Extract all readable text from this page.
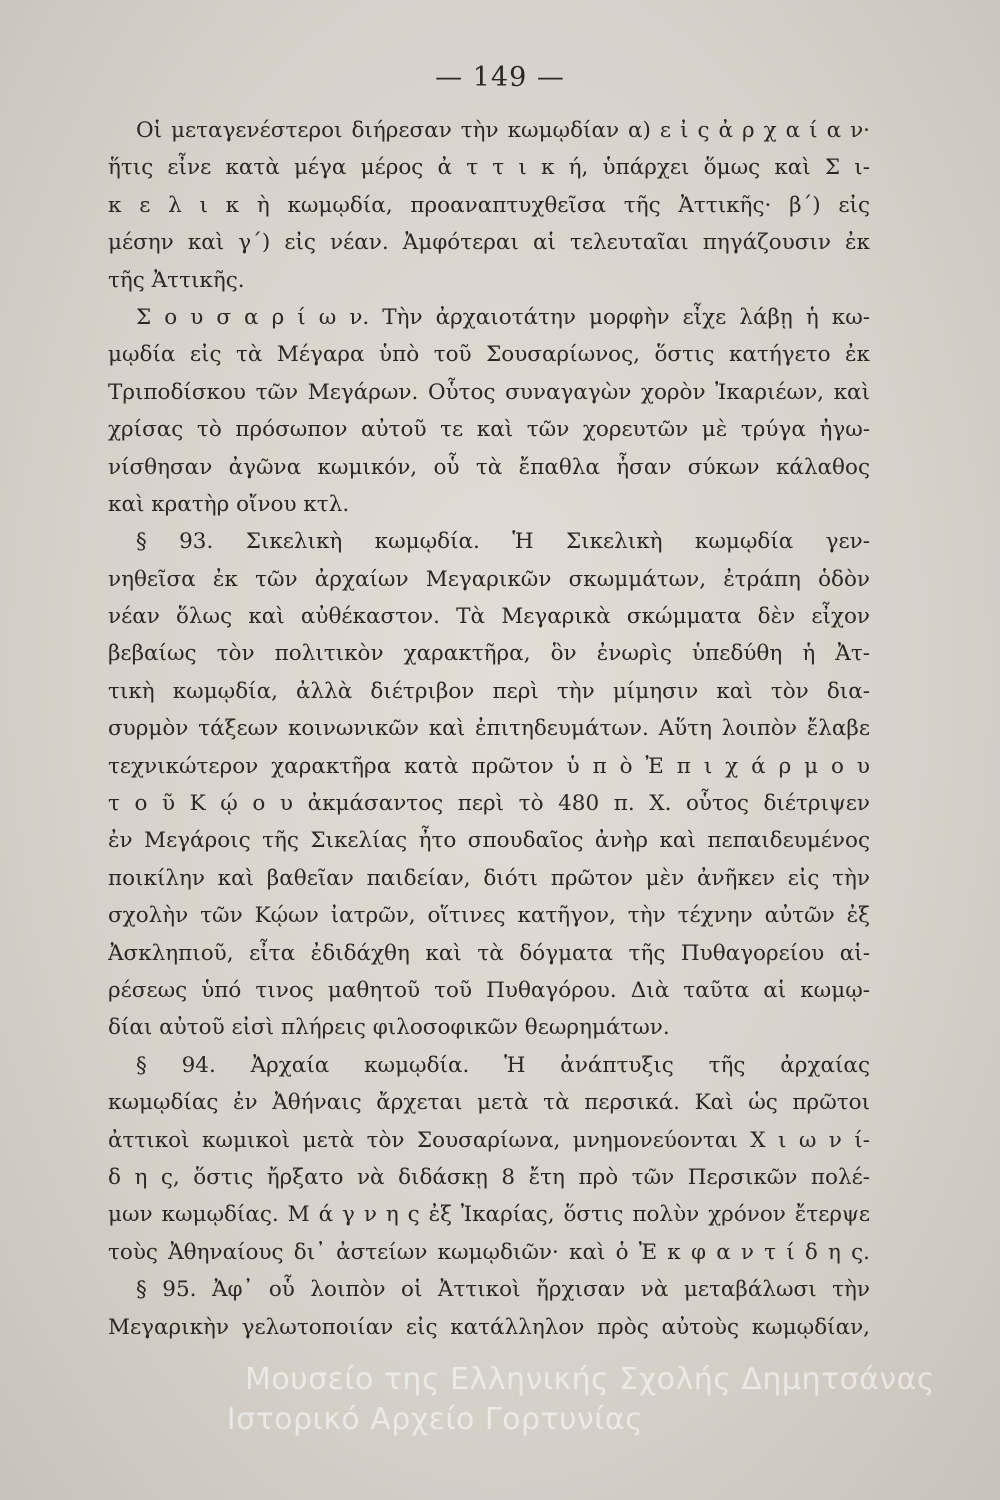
— 149 —
Οἱ μεταγενέστεροι διήρεσαν τὴν κωμῳδίαν α) ε ἰ ς ἀ ρ χ α ί α ν·
ἥτις εἶνε κατὰ μέγα μέρος ἀ τ τ ι κ ή, ὑπάρχει ὅμως καὶ Σ ι-
κ ε λ ι κ ὴ κωμῳδία, προαναπτυχθεῖσα τῆς Ἀττικῆς· β΄) εἰς
μέσην καὶ γ΄) εἰς νέαν. Ἀμφότεραι αἱ τελευταῖαι πηγάζουσιν ἐκ
τῆς Ἀττικῆς.
Σ ο υ σ α ρ ί ω ν. Τὴν ἀρχαιοτάτην μορφὴν εἶχε λάβῃ ἡ κω-
μῳδία εἰς τὰ Μέγαρα ὑπὸ τοῦ Σουσαρίωνος, ὅστις κατήγετο ἐκ
Τριποδίσκου τῶν Μεγάρων. Οὗτος συναγαγὼν χορὸν Ἰκαριέων, καὶ
χρίσας τὸ πρόσωπον αὐτοῦ τε καὶ τῶν χορευτῶν μὲ τρύγα ἠγω-
νίσθησαν ἀγῶνα κωμικόν, οὗ τὰ ἔπαθλα ἦσαν σύκων κάλαθος
καὶ κρατὴρ οἴνου κτλ.
§ 93. Σικελικὴ κωμῳδία. Ἡ Σικελικὴ κωμῳδία γεν-
νηθεῖσα ἐκ τῶν ἀρχαίων Μεγαρικῶν σκωμμάτων, ἐτράπη ὁδὸν
νέαν ὅλως καὶ αὐθέκαστον. Τὰ Μεγαρικὰ σκώμματα δὲν εἶχον
βεβαίως τὸν πολιτικὸν χαρακτῆρα, ὃν ἐνωρὶς ὑπεδύθη ἡ Ἀτ-
τικὴ κωμῳδία, ἀλλὰ διέτριβον περὶ τὴν μίμησιν καὶ τὸν δια-
συρμὸν τάξεων κοινωνικῶν καὶ ἐπιτηδευμάτων. Αὕτη λοιπὸν ἔλαβε
τεχνικώτερον χαρακτῆρα κατὰ πρῶτον ὑ π ὸ Ἐ π ι χ ά ρ μ ο υ
τ ο ῦ Κ ῴ ο υ ἀκμάσαντος περὶ τὸ 480 π. Χ. οὗτος διέτριψεν
ἐν Μεγάροις τῆς Σικελίας ἦτο σπουδαῖος ἀνὴρ καὶ πεπαιδευμένος
ποικίλην καὶ βαθεῖαν παιδείαν, διότι πρῶτον μὲν ἀνῆκεν εἰς τὴν
σχολὴν τῶν Κῴων ἰατρῶν, οἵτινες κατῆγον, τὴν τέχνην αὐτῶν ἐξ
Ἀσκληπιοῦ, εἶτα ἐδιδάχθη καὶ τὰ δόγματα τῆς Πυθαγορείου αἱ-
ρέσεως ὑπό τινος μαθητοῦ τοῦ Πυθαγόρου. Διὰ ταῦτα αἱ κωμῳ-
δίαι αὐτοῦ εἰσὶ πλήρεις φιλοσοφικῶν θεωρημάτων.
§ 94. Ἀρχαία κωμῳδία. Ἡ ἀνάπτυξις τῆς ἀρχαίας
κωμῳδίας ἐν Ἀθήναις ἄρχεται μετὰ τὰ περσικά. Καὶ ὡς πρῶτοι
ἀττικοὶ κωμικοὶ μετὰ τὸν Σουσαρίωνα, μνημονεύονται Χ ι ω ν ί-
δ η ς, ὅστις ἤρξατο νὰ διδάσκῃ 8 ἔτη πρὸ τῶν Περσικῶν πολέ-
μων κωμῳδίας. Μ ά γ ν η ς ἐξ Ἰκαρίας, ὅστις πολὺν χρόνον ἔτερψε
τοὺς Ἀθηναίους δι᾽ ἀστείων κωμῳδιῶν· καὶ ὁ Ἐ κ φ α ν τ ί δ η ς.
§ 95. Ἀφ᾽ οὗ λοιπὸν οἱ Ἀττικοὶ ἤρχισαν νὰ μεταβάλωσι τὴν
Μεγαρικὴν γελωτοποιίαν εἰς κατάλληλον πρὸς αὐτοὺς κωμῳδίαν,
Μουσείο της Ελληνικής Σχολής Δημητσάνας
Ιστορικό Αρχείο Γορτυνίας
